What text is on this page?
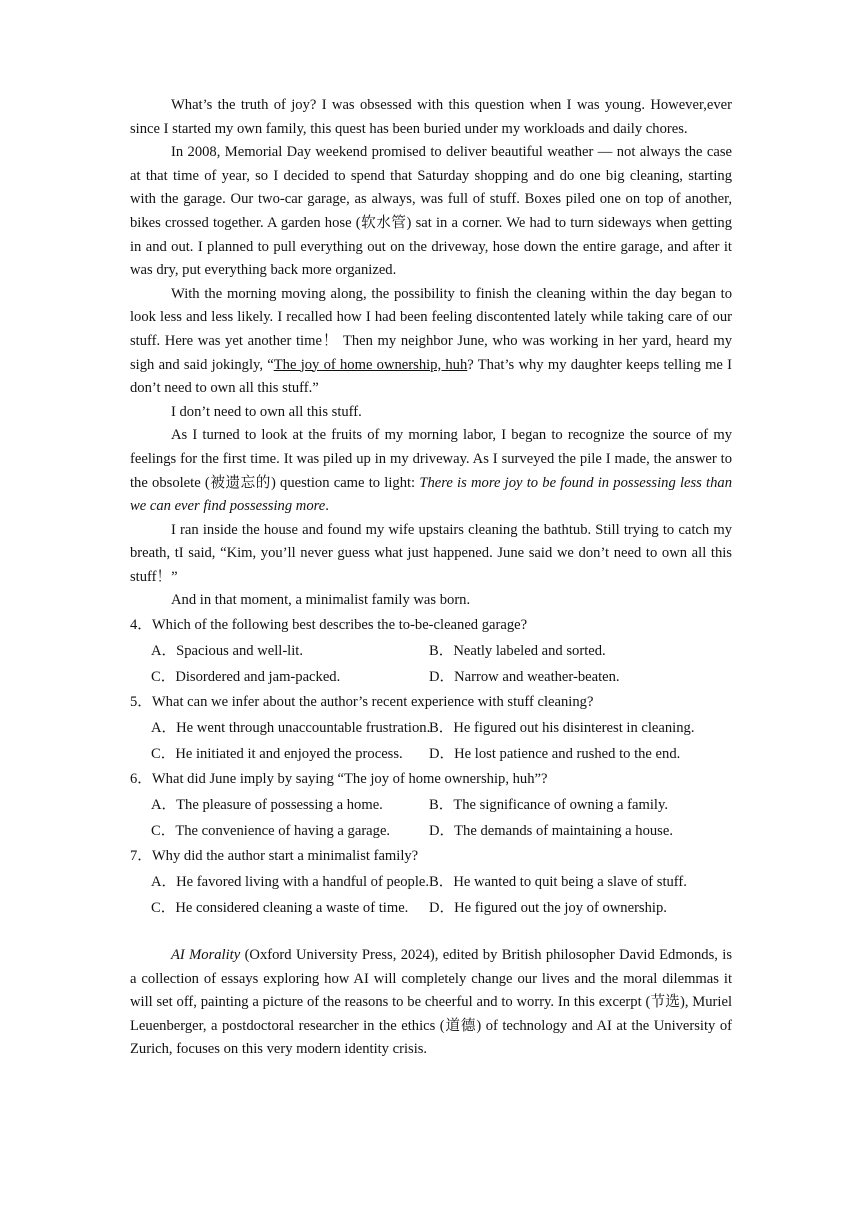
What’s the truth of joy? I was obsessed with this question when I was young. However,ever since I started my own family, this quest has been buried under my workloads and daily chores.

In 2008, Memorial Day weekend promised to deliver beautiful weather — not always the case at that time of year, so I decided to spend that Saturday shopping and do one big cleaning, starting with the garage. Our two-car garage, as always, was full of stuff. Boxes piled one on top of another, bikes crossed together. A garden hose (软水管) sat in a corner. We had to turn sideways when getting in and out. I planned to pull everything out on the driveway, hose down the entire garage, and after it was dry, put everything back more organized.

With the morning moving along, the possibility to finish the cleaning within the day began to look less and less likely. I recalled how I had been feeling discontented lately while taking care of our stuff. Here was yet another time！ Then my neighbor June, who was working in her yard, heard my sigh and said jokingly, “The joy of home ownership, huh? That’s why my daughter keeps telling me I don’t need to own all this stuff.”

I don’t need to own all this stuff.

As I turned to look at the fruits of my morning labor, I began to recognize the source of my feelings for the first time. It was piled up in my driveway. As I surveyed the pile I made, the answer to the obsolete (被遗忘的) question came to light: There is more joy to be found in possessing less than we can ever find possessing more.

I ran inside the house and found my wife upstairs cleaning the bathtub. Still trying to catch my breath, tI said, “Kim, you’ll never guess what just happened. June said we don’t need to own all this stuff！”

And in that moment, a minimalist family was born.

4．Which of the following best describes the to-be-cleaned garage?

A．Spacious and well-lit.	B．Neatly labeled and sorted.
C．Disordered and jam-packed.	D．Narrow and weather-beaten.

5．What can we infer about the author’s recent experience with stuff cleaning?

A．He went through unaccountable frustration.
B．He figured out his disinterest in cleaning.
C．He initiated it and enjoyed the process.	D．He lost patience and rushed to the end.

6．What did June imply by saying “The joy of home ownership, huh”?

A．The pleasure of possessing a home.	B．The significance of owning a family.
C．The convenience of having a garage.	D．The demands of maintaining a house.

7．Why did the author start a minimalist family?

A．He favored living with a handful of people. B．He wanted to quit being a slave of stuff.
C．He considered cleaning a waste of time.	D．He figured out the joy of ownership.

AI Morality (Oxford University Press, 2024), edited by British philosopher David Edmonds, is a collection of essays exploring how AI will completely change our lives and the moral dilemmas it will set off, painting a picture of the reasons to be cheerful and to worry. In this excerpt (节选), Muriel Leuenberger, a postdoctoral researcher in the ethics (道德) of technology and AI at the University of Zurich, focuses on this very modern identity crisis.
